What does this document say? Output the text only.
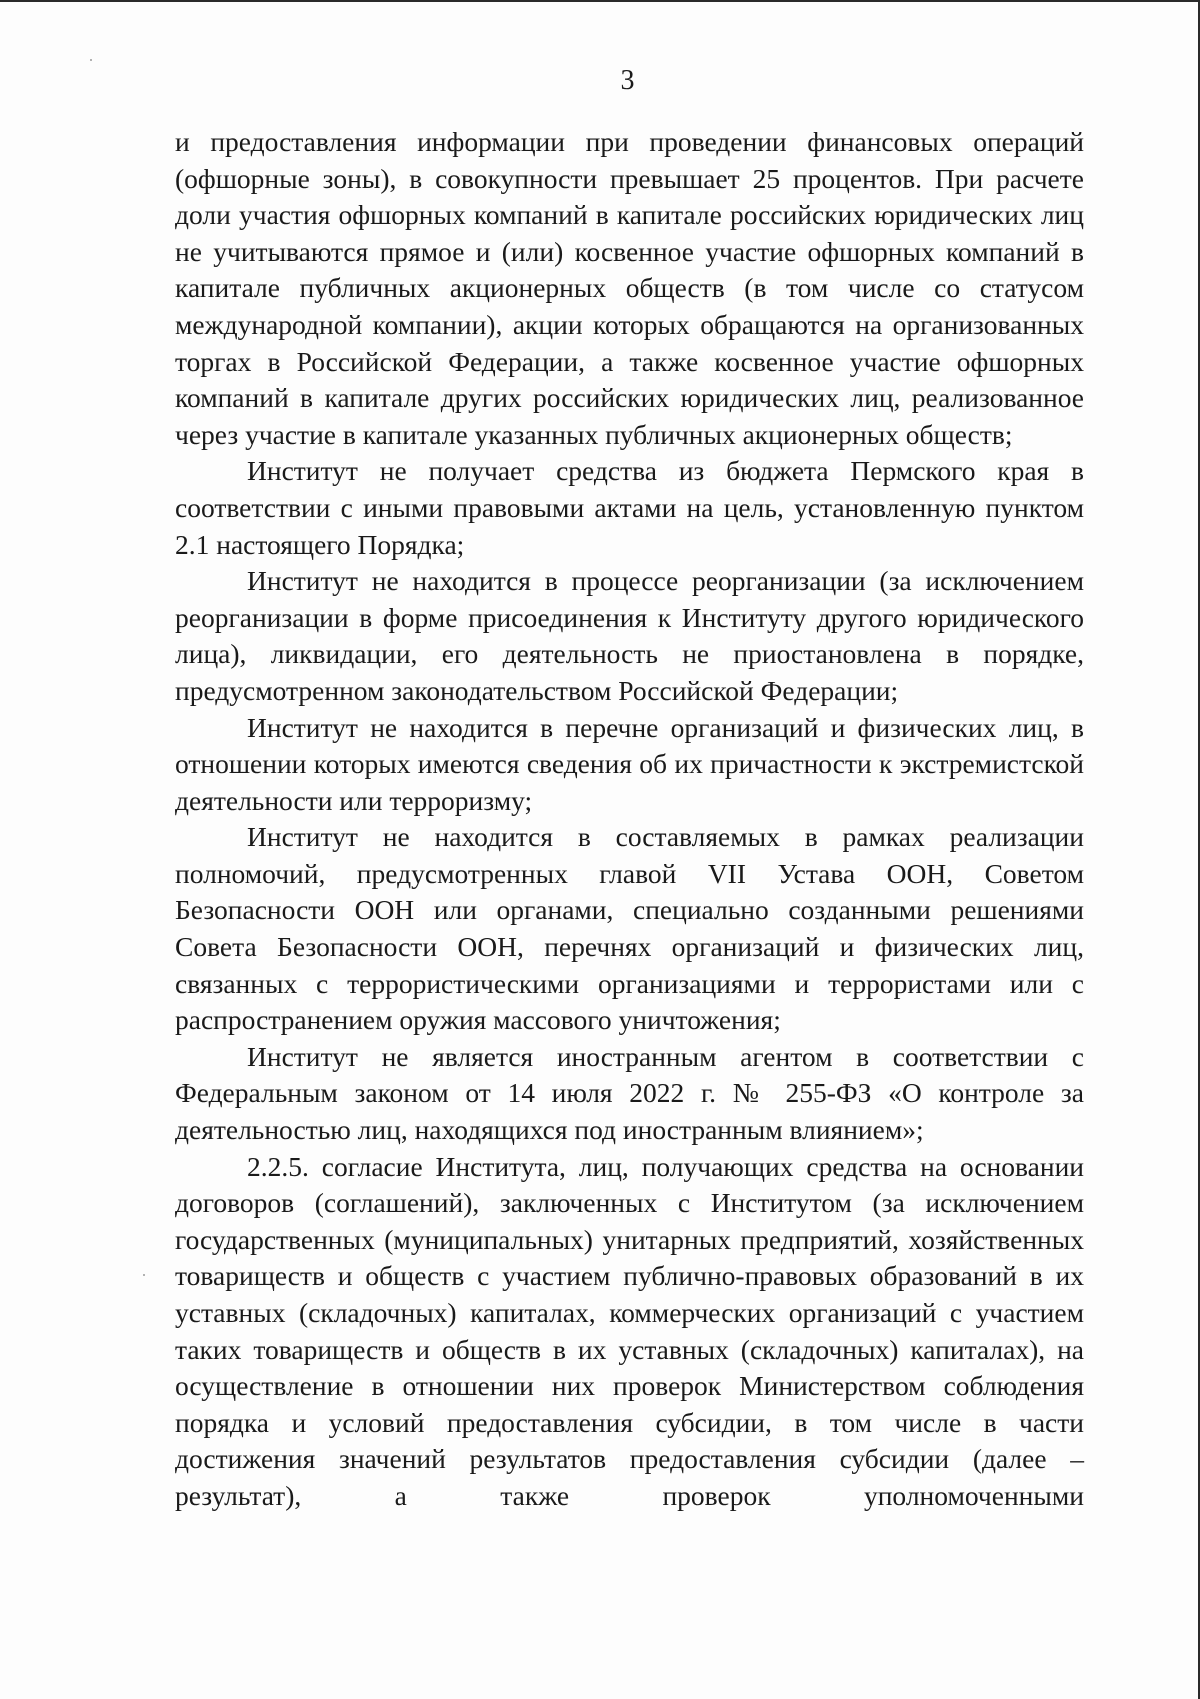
3

и предоставления информации при проведении финансовых операций (офшорные зоны), в совокупности превышает 25 процентов. При расчете доли участия офшорных компаний в капитале российских юридических лиц не учитываются прямое и (или) косвенное участие офшорных компаний в капитале публичных акционерных обществ (в том числе со статусом международной компании), акции которых обращаются на организованных торгах в Российской Федерации, а также косвенное участие офшорных компаний в капитале других российских юридических лиц, реализованное через участие в капитале указанных публичных акционерных обществ;

Институт не получает средства из бюджета Пермского края в соответствии с иными правовыми актами на цель, установленную пунктом 2.1 настоящего Порядка;

Институт не находится в процессе реорганизации (за исключением реорганизации в форме присоединения к Институту другого юридического лица), ликвидации, его деятельность не приостановлена в порядке, предусмотренном законодательством Российской Федерации;

Институт не находится в перечне организаций и физических лиц, в отношении которых имеются сведения об их причастности к экстремистской деятельности или терроризму;

Институт не находится в составляемых в рамках реализации полномочий, предусмотренных главой VII Устава ООН, Советом Безопасности ООН или органами, специально созданными решениями Совета Безопасности ООН, перечнях организаций и физических лиц, связанных с террористическими организациями и террористами или с распространением оружия массового уничтожения;

Институт не является иностранным агентом в соответствии с Федеральным законом от 14 июля 2022 г. № 255-ФЗ «О контроле за деятельностью лиц, находящихся под иностранным влиянием»;

2.2.5. согласие Института, лиц, получающих средства на основании договоров (соглашений), заключенных с Институтом (за исключением государственных (муниципальных) унитарных предприятий, хозяйственных товариществ и обществ с участием публично-правовых образований в их уставных (складочных) капиталах, коммерческих организаций с участием таких товариществ и обществ в их уставных (складочных) капиталах), на осуществление в отношении них проверок Министерством соблюдения порядка и условий предоставления субсидии, в том числе в части достижения значений результатов предоставления субсидии (далее – результат), а также проверок уполномоченными
